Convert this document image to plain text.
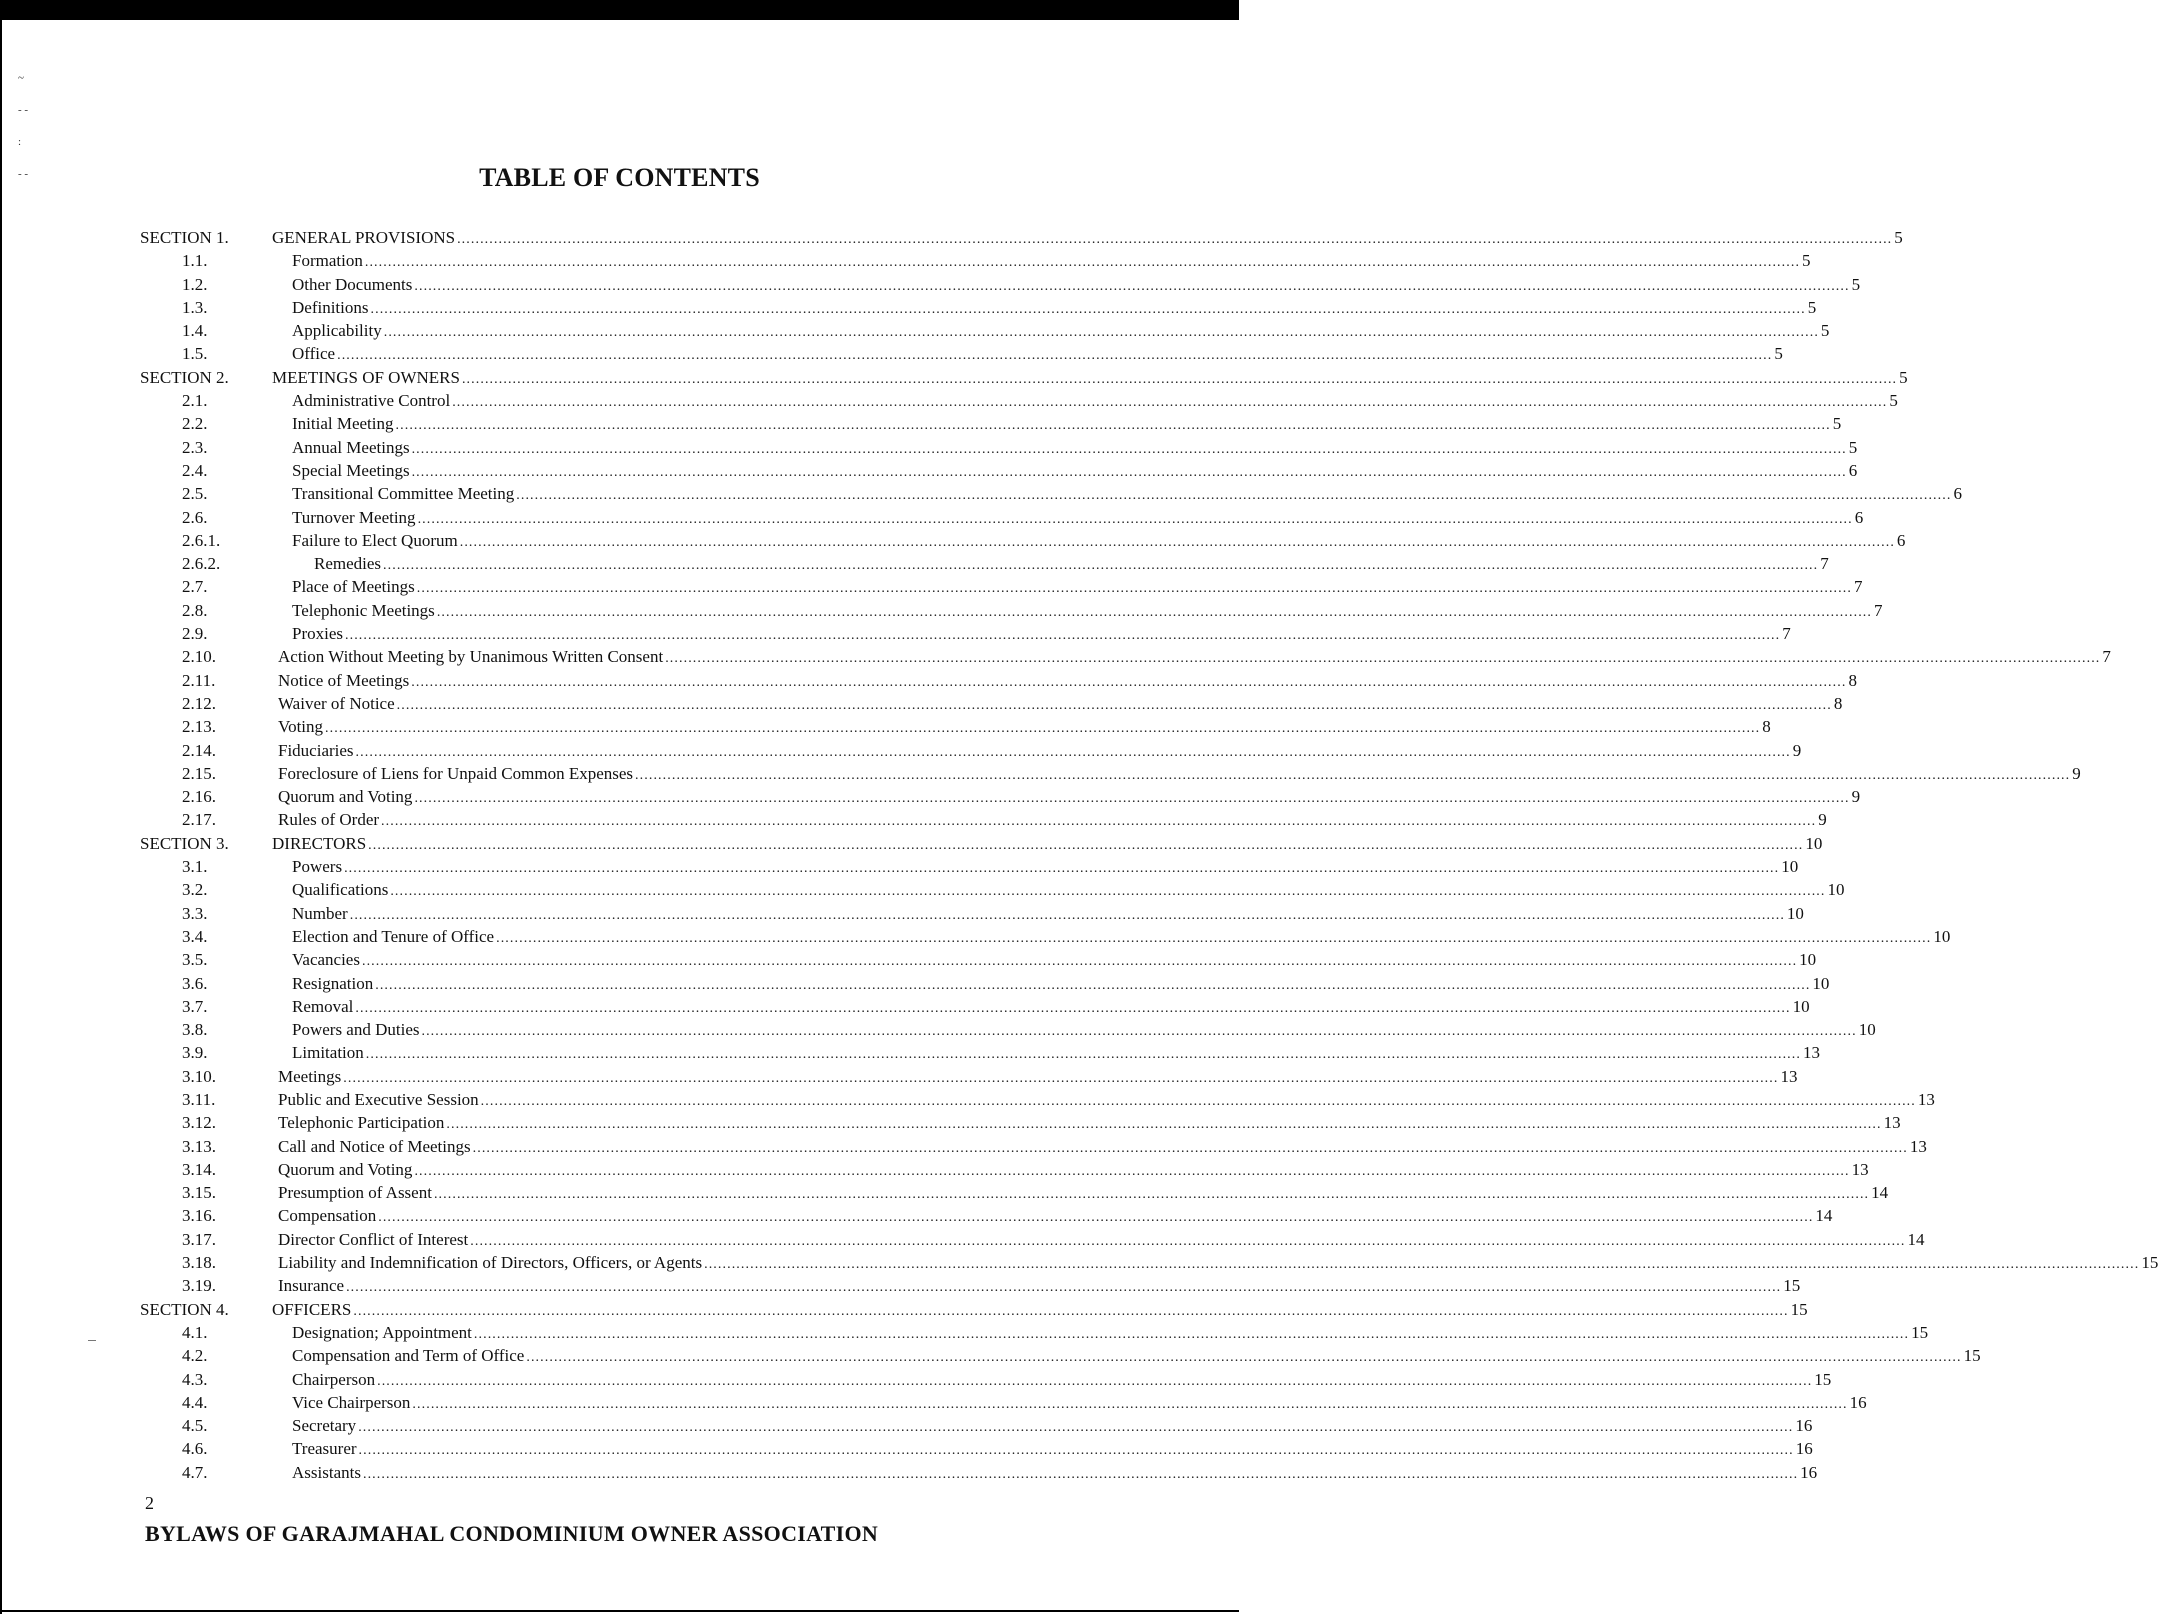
~
- -
:
- -	TABLE OF CONTENTS
SECTION 1.	GENERAL PROVISIONS ........................................................................................................................................................................................................................................................................................................................ 5
1.1.	Formation ........................................................................................................................................................................................................................................................................................................................ 5
1.2.	Other Documents ........................................................................................................................................................................................................................................................................................................................ 5
1.3.	Definitions ........................................................................................................................................................................................................................................................................................................................ 5
1.4.	Applicability ........................................................................................................................................................................................................................................................................................................................ 5
1.5.	Office ........................................................................................................................................................................................................................................................................................................................ 5
SECTION 2.	MEETINGS OF OWNERS ........................................................................................................................................................................................................................................................................................................................ 5
2.1.	Administrative Control ........................................................................................................................................................................................................................................................................................................................ 5
2.2.	Initial Meeting ........................................................................................................................................................................................................................................................................................................................ 5
2.3.	Annual Meetings ........................................................................................................................................................................................................................................................................................................................ 5
2.4.	Special Meetings ........................................................................................................................................................................................................................................................................................................................ 6
2.5.	Transitional Committee Meeting ........................................................................................................................................................................................................................................................................................................................ 6
2.6.	Turnover Meeting ........................................................................................................................................................................................................................................................................................................................ 6
2.6.1.	Failure to Elect Quorum ........................................................................................................................................................................................................................................................................................................................ 6
2.6.2.	Remedies ........................................................................................................................................................................................................................................................................................................................ 7
2.7.	Place of Meetings ........................................................................................................................................................................................................................................................................................................................ 7
2.8.	Telephonic Meetings ........................................................................................................................................................................................................................................................................................................................ 7
2.9.	Proxies ........................................................................................................................................................................................................................................................................................................................ 7
2.10.	Action Without Meeting by Unanimous Written Consent ........................................................................................................................................................................................................................................................................................................................ 7
2.11.	Notice of Meetings ........................................................................................................................................................................................................................................................................................................................ 8
2.12.	Waiver of Notice ........................................................................................................................................................................................................................................................................................................................ 8
2.13.	Voting ........................................................................................................................................................................................................................................................................................................................ 8
2.14.	Fiduciaries ........................................................................................................................................................................................................................................................................................................................ 9
2.15.	Foreclosure of Liens for Unpaid Common Expenses ........................................................................................................................................................................................................................................................................................................................ 9
2.16.	Quorum and Voting ........................................................................................................................................................................................................................................................................................................................ 9
2.17.	Rules of Order ........................................................................................................................................................................................................................................................................................................................ 9
SECTION 3.	DIRECTORS ........................................................................................................................................................................................................................................................................................................................ 10
3.1.	Powers ........................................................................................................................................................................................................................................................................................................................ 10
3.2.	Qualifications ........................................................................................................................................................................................................................................................................................................................ 10
3.3.	Number ........................................................................................................................................................................................................................................................................................................................ 10
3.4.	Election and Tenure of Office ........................................................................................................................................................................................................................................................................................................................ 10
3.5.	Vacancies ........................................................................................................................................................................................................................................................................................................................ 10
3.6.	Resignation ........................................................................................................................................................................................................................................................................................................................ 10
3.7.	Removal ........................................................................................................................................................................................................................................................................................................................ 10
3.8.	Powers and Duties ........................................................................................................................................................................................................................................................................................................................ 10
3.9.	Limitation ........................................................................................................................................................................................................................................................................................................................ 13
3.10.	Meetings ........................................................................................................................................................................................................................................................................................................................ 13
3.11.	Public and Executive Session ........................................................................................................................................................................................................................................................................................................................ 13
3.12.	Telephonic Participation ........................................................................................................................................................................................................................................................................................................................ 13
3.13.	Call and Notice of Meetings ........................................................................................................................................................................................................................................................................................................................ 13
3.14.	Quorum and Voting ........................................................................................................................................................................................................................................................................................................................ 13
3.15.	Presumption of Assent ........................................................................................................................................................................................................................................................................................................................ 14
3.16.	Compensation ........................................................................................................................................................................................................................................................................................................................ 14
3.17.	Director Conflict of Interest ........................................................................................................................................................................................................................................................................................................................ 14
3.18.	Liability and Indemnification of Directors, Officers, or Agents ........................................................................................................................................................................................................................................................................................................................ 15
3.19.	Insurance ........................................................................................................................................................................................................................................................................................................................ 15
SECTION 4.	OFFICERS ........................................................................................................................................................................................................................................................................................................................ 15
4.1.	Designation; Appointment ........................................................................................................................................................................................................................................................................................................................ 15
4.2.	Compensation and Term of Office ........................................................................................................................................................................................................................................................................................................................ 15
4.3.	Chairperson ........................................................................................................................................................................................................................................................................................................................ 15
4.4.	Vice Chairperson ........................................................................................................................................................................................................................................................................................................................ 16
4.5.	Secretary ........................................................................................................................................................................................................................................................................................................................ 16
4.6.	Treasurer ........................................................................................................................................................................................................................................................................................................................ 16
4.7.	Assistants ........................................................................................................................................................................................................................................................................................................................ 16
2
BYLAWS OF GARAJMAHAL CONDOMINIUM OWNER ASSOCIATION
